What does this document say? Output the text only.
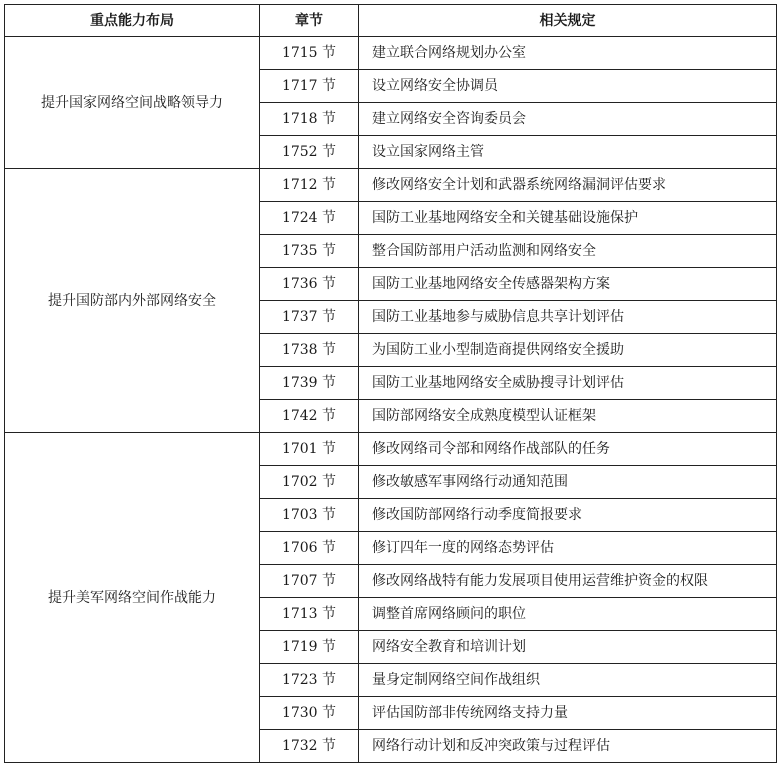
重点能力布局	章节	相关规定
提升国家网络空间战略领导力	1715 节	建立联合网络规划办公室
	1717 节	设立网络安全协调员
	1718 节	建立网络安全咨询委员会
	1752 节	设立国家网络主管
提升国防部内外部网络安全	1712 节	修改网络安全计划和武器系统网络漏洞评估要求
	1724 节	国防工业基地网络安全和关键基础设施保护
	1735 节	整合国防部用户活动监测和网络安全
	1736 节	国防工业基地网络安全传感器架构方案
	1737 节	国防工业基地参与威胁信息共享计划评估
	1738 节	为国防工业小型制造商提供网络安全援助
	1739 节	国防工业基地网络安全威胁搜寻计划评估
	1742 节	国防部网络安全成熟度模型认证框架
提升美军网络空间作战能力	1701 节	修改网络司令部和网络作战部队的任务
	1702 节	修改敏感军事网络行动通知范围
	1703 节	修改国防部网络行动季度简报要求
	1706 节	修订四年一度的网络态势评估
	1707 节	修改网络战特有能力发展项目使用运营维护资金的权限
	1713 节	调整首席网络顾问的职位
	1719 节	网络安全教育和培训计划
	1723 节	量身定制网络空间作战组织
	1730 节	评估国防部非传统网络支持力量
	1732 节	网络行动计划和反冲突政策与过程评估
